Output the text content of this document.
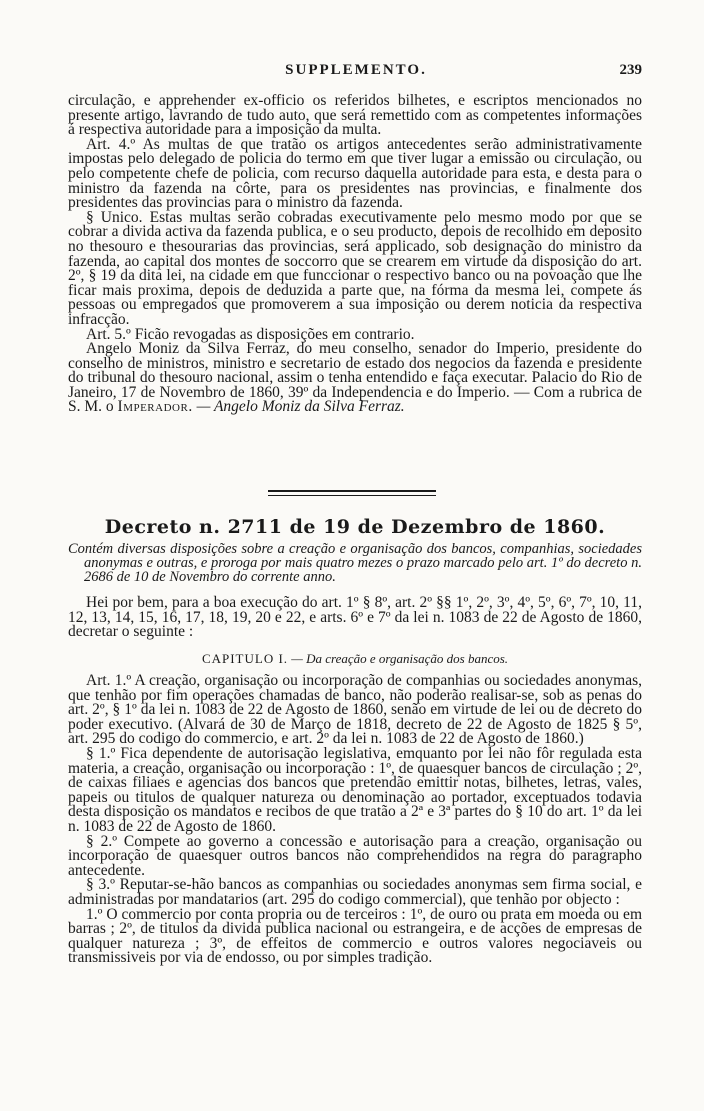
SUPPLEMENTO.	239

circulação, e apprehender ex-officio os referidos bilhetes, e escriptos mencionados no presente artigo, lavrando de tudo auto, que será remettido com as competentes informações á respectiva autoridade para a imposição da multa.

Art. 4.º As multas de que tratão os artigos antecedentes serão administrativamente impostas pelo delegado de policia do termo em que tiver lugar a emissão ou circulação, ou pelo competente chefe de policia, com recurso daquella autoridade para esta, e desta para o ministro da fazenda na côrte, para os presidentes nas provincias, e finalmente dos presidentes das provincias para o ministro da fazenda.

§ Unico. Estas multas serão cobradas executivamente pelo mesmo modo por que se cobrar a divida activa da fazenda publica, e o seu producto, depois de recolhido em deposito no thesouro e thesourarias das provincias, será applicado, sob designação do ministro da fazenda, ao capital dos montes de soccorro que se crearem em virtude da disposição do art. 2º, § 19 da dita lei, na cidade em que funccionar o respectivo banco ou na povoação que lhe ficar mais proxima, depois de deduzida a parte que, na fórma da mesma lei, compete ás pessoas ou empregados que promoverem a sua imposição ou derem noticia da respectiva infracção.

Art. 5.º Ficão revogadas as disposições em contrario.

Angelo Moniz da Silva Ferraz, do meu conselho, senador do Imperio, presidente do conselho de ministros, ministro e secretario de estado dos negocios da fazenda e presidente do tribunal do thesouro nacional, assim o tenha entendido e faça executar. Palacio do Rio de Janeiro, 17 de Novembro de 1860, 39º da Independencia e do Imperio. — Com a rubrica de S. M. o Imperador. — Angelo Moniz da Silva Ferraz.

Decreto n. 2711 de 19 de Dezembro de 1860.

Contém diversas disposições sobre a creação e organisação dos bancos, companhias, sociedades anonymas e outras, e proroga por mais quatro mezes o prazo marcado pelo art. 1º do decreto n. 2686 de 10 de Novembro do corrente anno.

Hei por bem, para a boa execução do art. 1º § 8º, art. 2º §§ 1º, 2º, 3º, 4º, 5º, 6º, 7º, 10, 11, 12, 13, 14, 15, 16, 17, 18, 19, 20 e 22, e arts. 6º e 7º da lei n. 1083 de 22 de Agosto de 1860, decretar o seguinte :

CAPITULO I. — Da creação e organisação dos bancos.

Art. 1.º A creação, organisação ou incorporação de companhias ou sociedades anonymas, que tenhão por fim operações chamadas de banco, não poderão realisar-se, sob as penas do art. 2º, § 1º da lei n. 1083 de 22 de Agosto de 1860, senão em virtude de lei ou de decreto do poder executivo. (Alvará de 30 de Março de 1818, decreto de 22 de Agosto de 1825 § 5º, art. 295 do codigo do commercio, e art. 2º da lei n. 1083 de 22 de Agosto de 1860.)

§ 1.º Fica dependente de autorisação legislativa, emquanto por lei não fôr regulada esta materia, a creação, organisação ou incorporação : 1º, de quaesquer bancos de circulação ; 2º, de caixas filiaes e agencias dos bancos que pretendão emittir notas, bilhetes, letras, vales, papeis ou titulos de qualquer natureza ou denominação ao portador, exceptuados todavia desta disposição os mandatos e recibos de que tratão a 2ª e 3ª partes do § 10 do art. 1º da lei n. 1083 de 22 de Agosto de 1860.

§ 2.º Compete ao governo a concessão e autorisação para a creação, organisação ou incorporação de quaesquer outros bancos não comprehendidos na regra do paragrapho antecedente.

§ 3.º Reputar-se-hão bancos as companhias ou sociedades anonymas sem firma social, e administradas por mandatarios (art. 295 do codigo commercial), que tenhão por objecto :

1.º O commercio por conta propria ou de terceiros : 1º, de ouro ou prata em moeda ou em barras ; 2º, de titulos da divida publica nacional ou estrangeira, e de acções de empresas de qualquer natureza ; 3º, de effeitos de commercio e outros valores negociaveis ou transmissiveis por via de endosso, ou por simples tradição.
